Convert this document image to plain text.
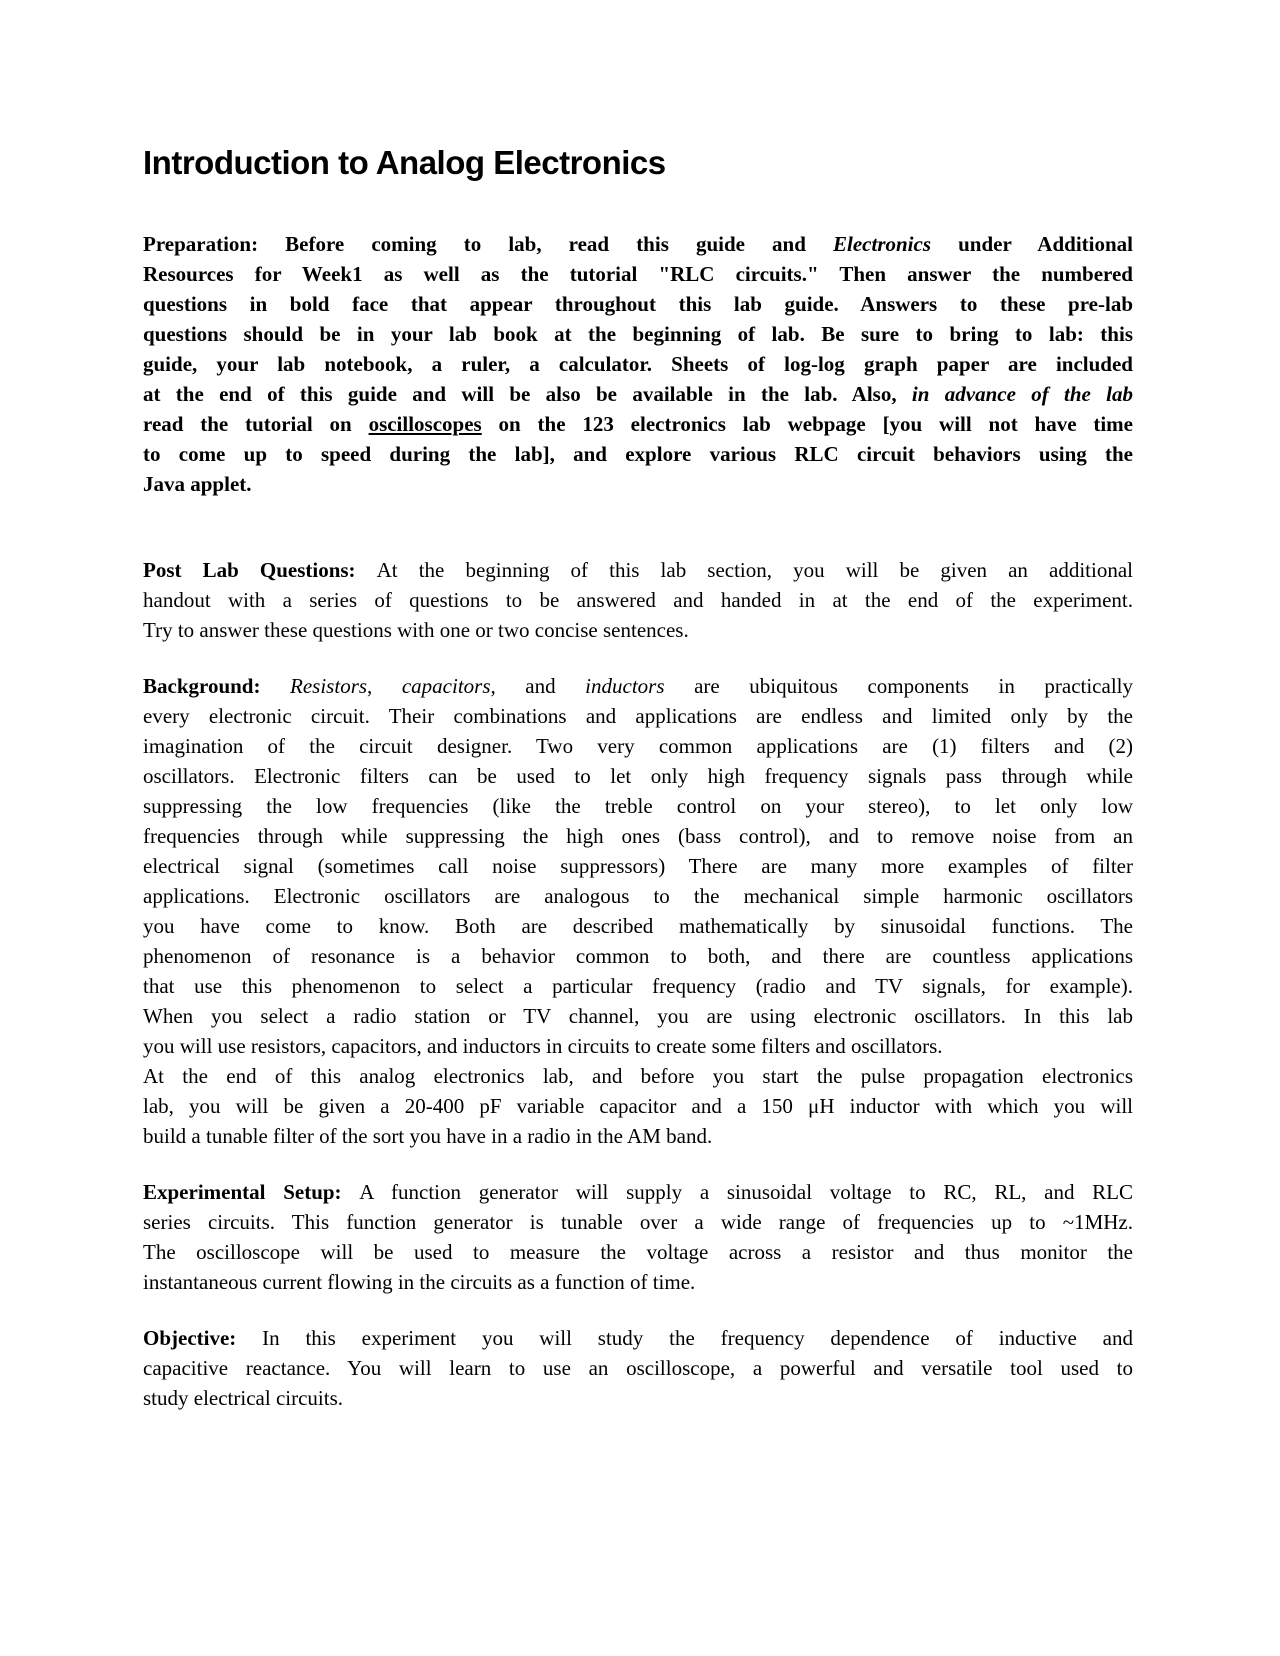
Introduction to Analog Electronics
Preparation: Before coming to lab, read this guide and Electronics under Additional
Resources for Week1 as well as the tutorial "RLC circuits." Then answer the numbered
questions in bold face that appear throughout this lab guide. Answers to these pre-lab
questions should be in your lab book at the beginning of lab. Be sure to bring to lab: this
guide, your lab notebook, a ruler, a calculator. Sheets of log-log graph paper are included
at the end of this guide and will be also be available in the lab. Also, in advance of the lab
read the tutorial on oscilloscopes on the 123 electronics lab webpage [you will not have time
to come up to speed during the lab], and explore various RLC circuit behaviors using the
Java applet.
Post Lab Questions: At the beginning of this lab section, you will be given an additional
handout with a series of questions to be answered and handed in at the end of the experiment.
Try to answer these questions with one or two concise sentences.
Background: Resistors, capacitors, and inductors are ubiquitous components in practically
every electronic circuit. Their combinations and applications are endless and limited only by the
imagination of the circuit designer. Two very common applications are (1) filters and (2)
oscillators. Electronic filters can be used to let only high frequency signals pass through while
suppressing the low frequencies (like the treble control on your stereo), to let only low
frequencies through while suppressing the high ones (bass control), and to remove noise from an
electrical signal (sometimes call noise suppressors) There are many more examples of filter
applications. Electronic oscillators are analogous to the mechanical simple harmonic oscillators
you have come to know. Both are described mathematically by sinusoidal functions. The
phenomenon of resonance is a behavior common to both, and there are countless applications
that use this phenomenon to select a particular frequency (radio and TV signals, for example).
When you select a radio station or TV channel, you are using electronic oscillators. In this lab
you will use resistors, capacitors, and inductors in circuits to create some filters and oscillators.
At the end of this analog electronics lab, and before you start the pulse propagation electronics
lab, you will be given a 20-400 pF variable capacitor and a 150 μH inductor with which you will
build a tunable filter of the sort you have in a radio in the AM band.
Experimental Setup: A function generator will supply a sinusoidal voltage to RC, RL, and RLC
series circuits. This function generator is tunable over a wide range of frequencies up to ~1MHz.
The oscilloscope will be used to measure the voltage across a resistor and thus monitor the
instantaneous current flowing in the circuits as a function of time.
Objective: In this experiment you will study the frequency dependence of inductive and
capacitive reactance. You will learn to use an oscilloscope, a powerful and versatile tool used to
study electrical circuits.
